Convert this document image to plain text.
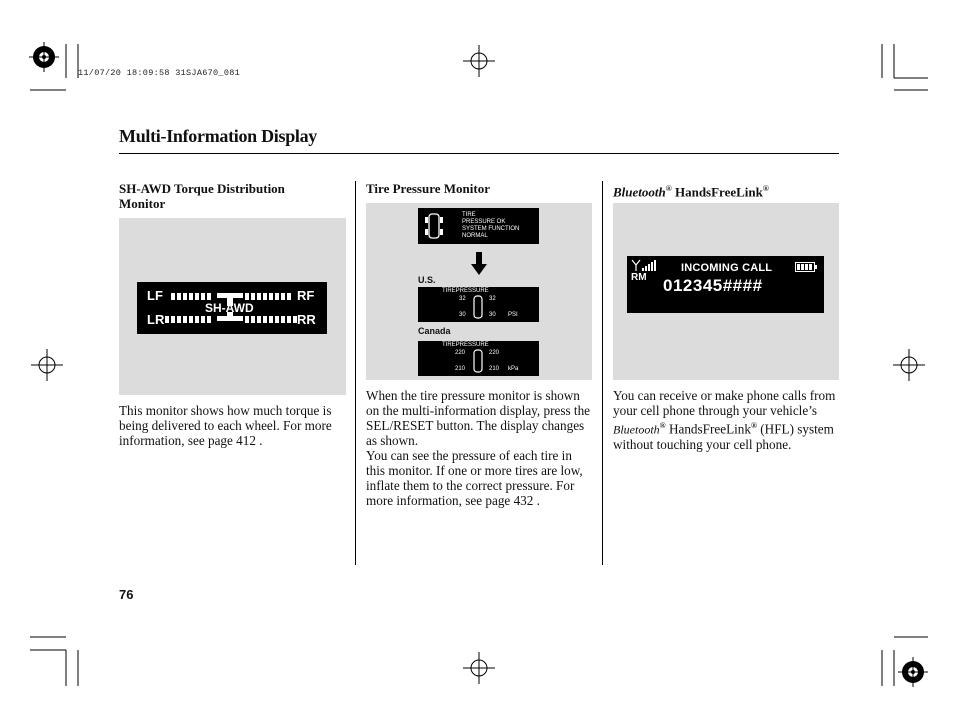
11/07/20 18:09:58 31SJA670_081
Multi-Information Display
SH-AWD Torque Distribution Monitor
LF	RF
SH-AWD
LR	RR

This monitor shows how much torque is being delivered to each wheel. For more information, see page 412 .

Tire Pressure Monitor
TIRE
PRESSURE OK
SYSTEM FUNCTION
NORMAL
U.S.
TIREPRESSURE
32	32
30	30 PSI
Canada
TIREPRESSURE
220	220
210	210 kPa

When the tire pressure monitor is shown on the multi-information display, press the SEL/RESET button. The display changes as shown.

You can see the pressure of each tire in this monitor. If one or more tires are low, inflate them to the correct pressure. For more information, see page 432 .

Bluetooth® HandsFreeLink®
RM
INCOMING CALL
012345####

You can receive or make phone calls from your cell phone through your vehicle’s Bluetooth® HandsFreeLink® (HFL) system without touching your cell phone.

76
